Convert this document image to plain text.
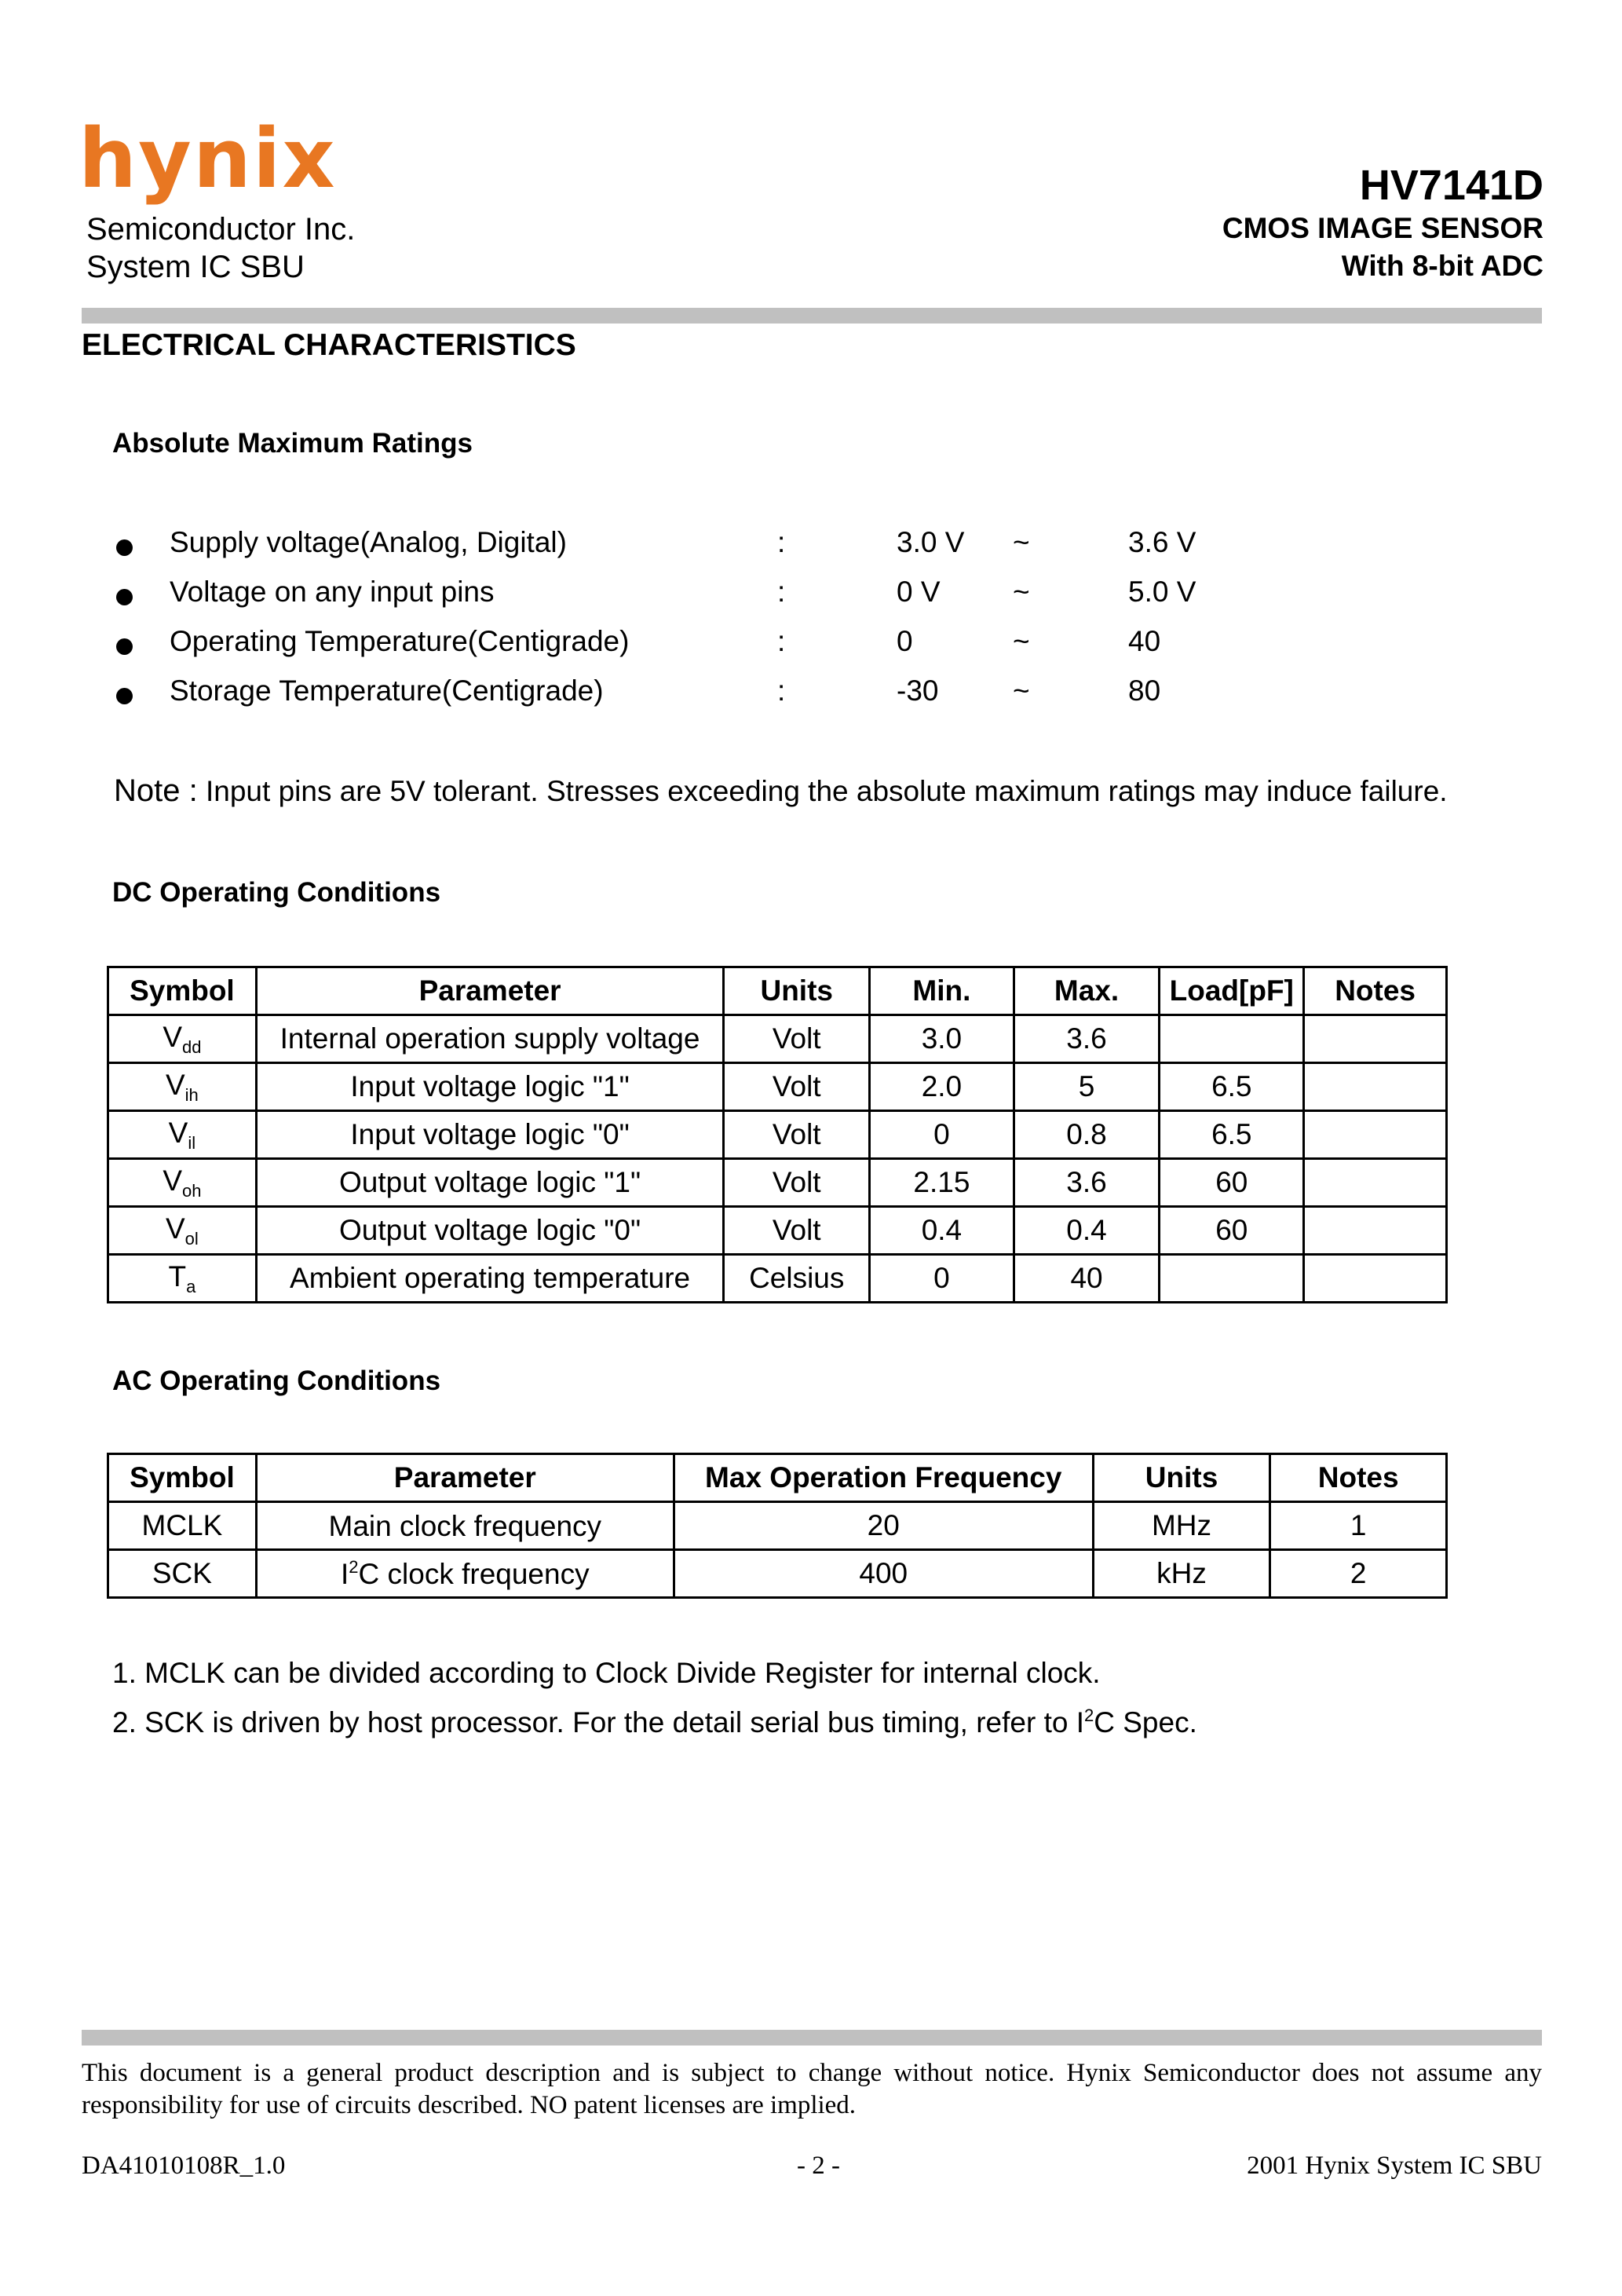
hynix
Semiconductor Inc.
System IC SBU
HV7141D
CMOS IMAGE SENSOR
With 8-bit ADC
ELECTRICAL CHARACTERISTICS
Absolute Maximum Ratings
Supply voltage(Analog, Digital)	:	3.0 V ~	3.6 V
Voltage on any input pins	:	0 V ~	5.0 V
Operating Temperature(Centigrade)	:	0	~	40
Storage Temperature(Centigrade)	:	-30	~	80
Note : Input pins are 5V tolerant. Stresses exceeding the absolute maximum ratings may induce failure.
DC Operating Conditions
Symbol	Parameter	Units	Min.	Max.	Load[pF]	Notes
$V_{dd}$	Internal operation supply voltage	Volt	3.0	3.6		
$V_{ih}$	Input voltage logic "1"	Volt	2.0	5	6.5	
$V_{il}$	Input voltage logic "0"	Volt	0	0.8	6.5	
$V_{oh}$	Output voltage logic "1"	Volt	2.15	3.6	60	
$V_{ol}$	Output voltage logic "0"	Volt	0.4	0.4	60	
$T_a$	Ambient operating temperature	Celsius	0	40		
AC Operating Conditions
Symbol	Parameter	Max Operation Frequency	Units	Notes
MCLK	Main clock frequency	20	MHz	1
SCK	$I^2C$ clock frequency	400	kHz	2
1. MCLK can be divided according to Clock Divide Register for internal clock.
2. SCK is driven by host processor. For the detail serial bus timing, refer to $I^2C$ Spec.
This document is a general product description and is subject to change without notice. Hynix Semiconductor does not assume any responsibility for use of circuits described. NO patent licenses are implied.
DA41010108R_1.0	- 2 -	2001 Hynix System IC SBU
